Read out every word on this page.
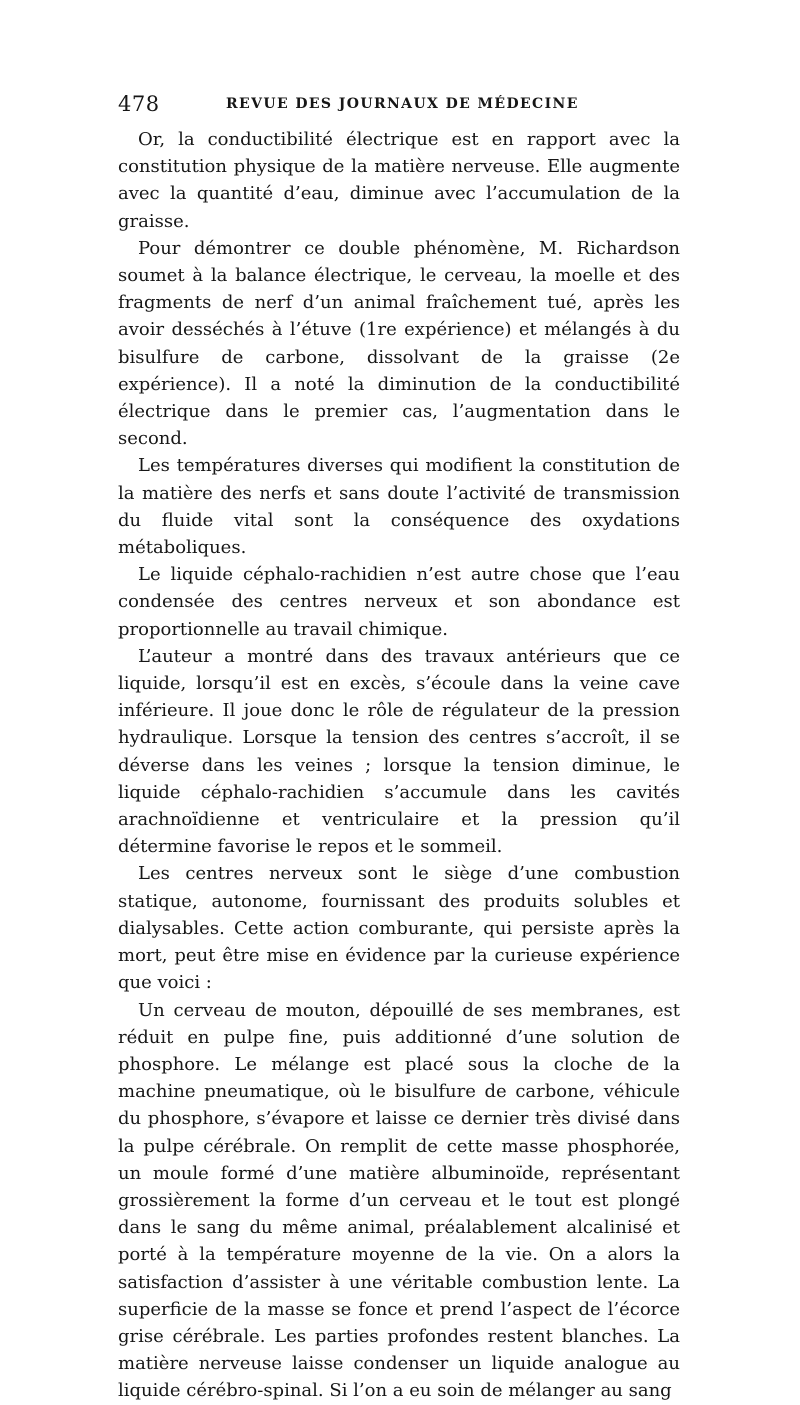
478	REVUE DES JOURNAUX DE MÉDECINE

Or, la conductibilité électrique est en rapport avec la constitution physique de la matière nerveuse. Elle augmente avec la quantité d’eau, diminue avec l’accumulation de la graisse.

Pour démontrer ce double phénomène, M. Richardson soumet à la balance électrique, le cerveau, la moelle et des fragments de nerf d’un animal fraîchement tué, après les avoir desséchés à l’étuve (1re expérience) et mélangés à du bisulfure de carbone, dissolvant de la graisse (2e expérience). Il a noté la diminution de la conductibilité électrique dans le premier cas, l’augmentation dans le second.

Les températures diverses qui modifient la constitution de la matière des nerfs et sans doute l’activité de transmission du fluide vital sont la conséquence des oxydations métaboliques.

Le liquide céphalo-rachidien n’est autre chose que l’eau condensée des centres nerveux et son abondance est proportionnelle au travail chimique.

L’auteur a montré dans des travaux antérieurs que ce liquide, lorsqu’il est en excès, s’écoule dans la veine cave inférieure. Il joue donc le rôle de régulateur de la pression hydraulique. Lorsque la tension des centres s’accroît, il se déverse dans les veines ; lorsque la tension diminue, le liquide céphalo-rachidien s’accumule dans les cavités arachnoïdienne et ventriculaire et la pression qu’il détermine favorise le repos et le sommeil.

Les centres nerveux sont le siège d’une combustion statique, autonome, fournissant des produits solubles et dialysables. Cette action comburante, qui persiste après la mort, peut être mise en évidence par la curieuse expérience que voici :

Un cerveau de mouton, dépouillé de ses membranes, est réduit en pulpe fine, puis additionné d’une solution de phosphore. Le mélange est placé sous la cloche de la machine pneumatique, où le bisulfure de carbone, véhicule du phosphore, s’évapore et laisse ce dernier très divisé dans la pulpe cérébrale. On remplit de cette masse phosphorée, un moule formé d’une matière albuminoïde, représentant grossièrement la forme d’un cerveau et le tout est plongé dans le sang du même animal, préalablement alcalinisé et porté à la température moyenne de la vie. On a alors la satisfaction d’assister à une véritable combustion lente. La superficie de la masse se fonce et prend l’aspect de l’écorce grise cérébrale. Les parties profondes restent blanches. La matière nerveuse laisse condenser un liquide analogue au liquide cérébro-spinal. Si l’on a eu soin de mélanger au sang
